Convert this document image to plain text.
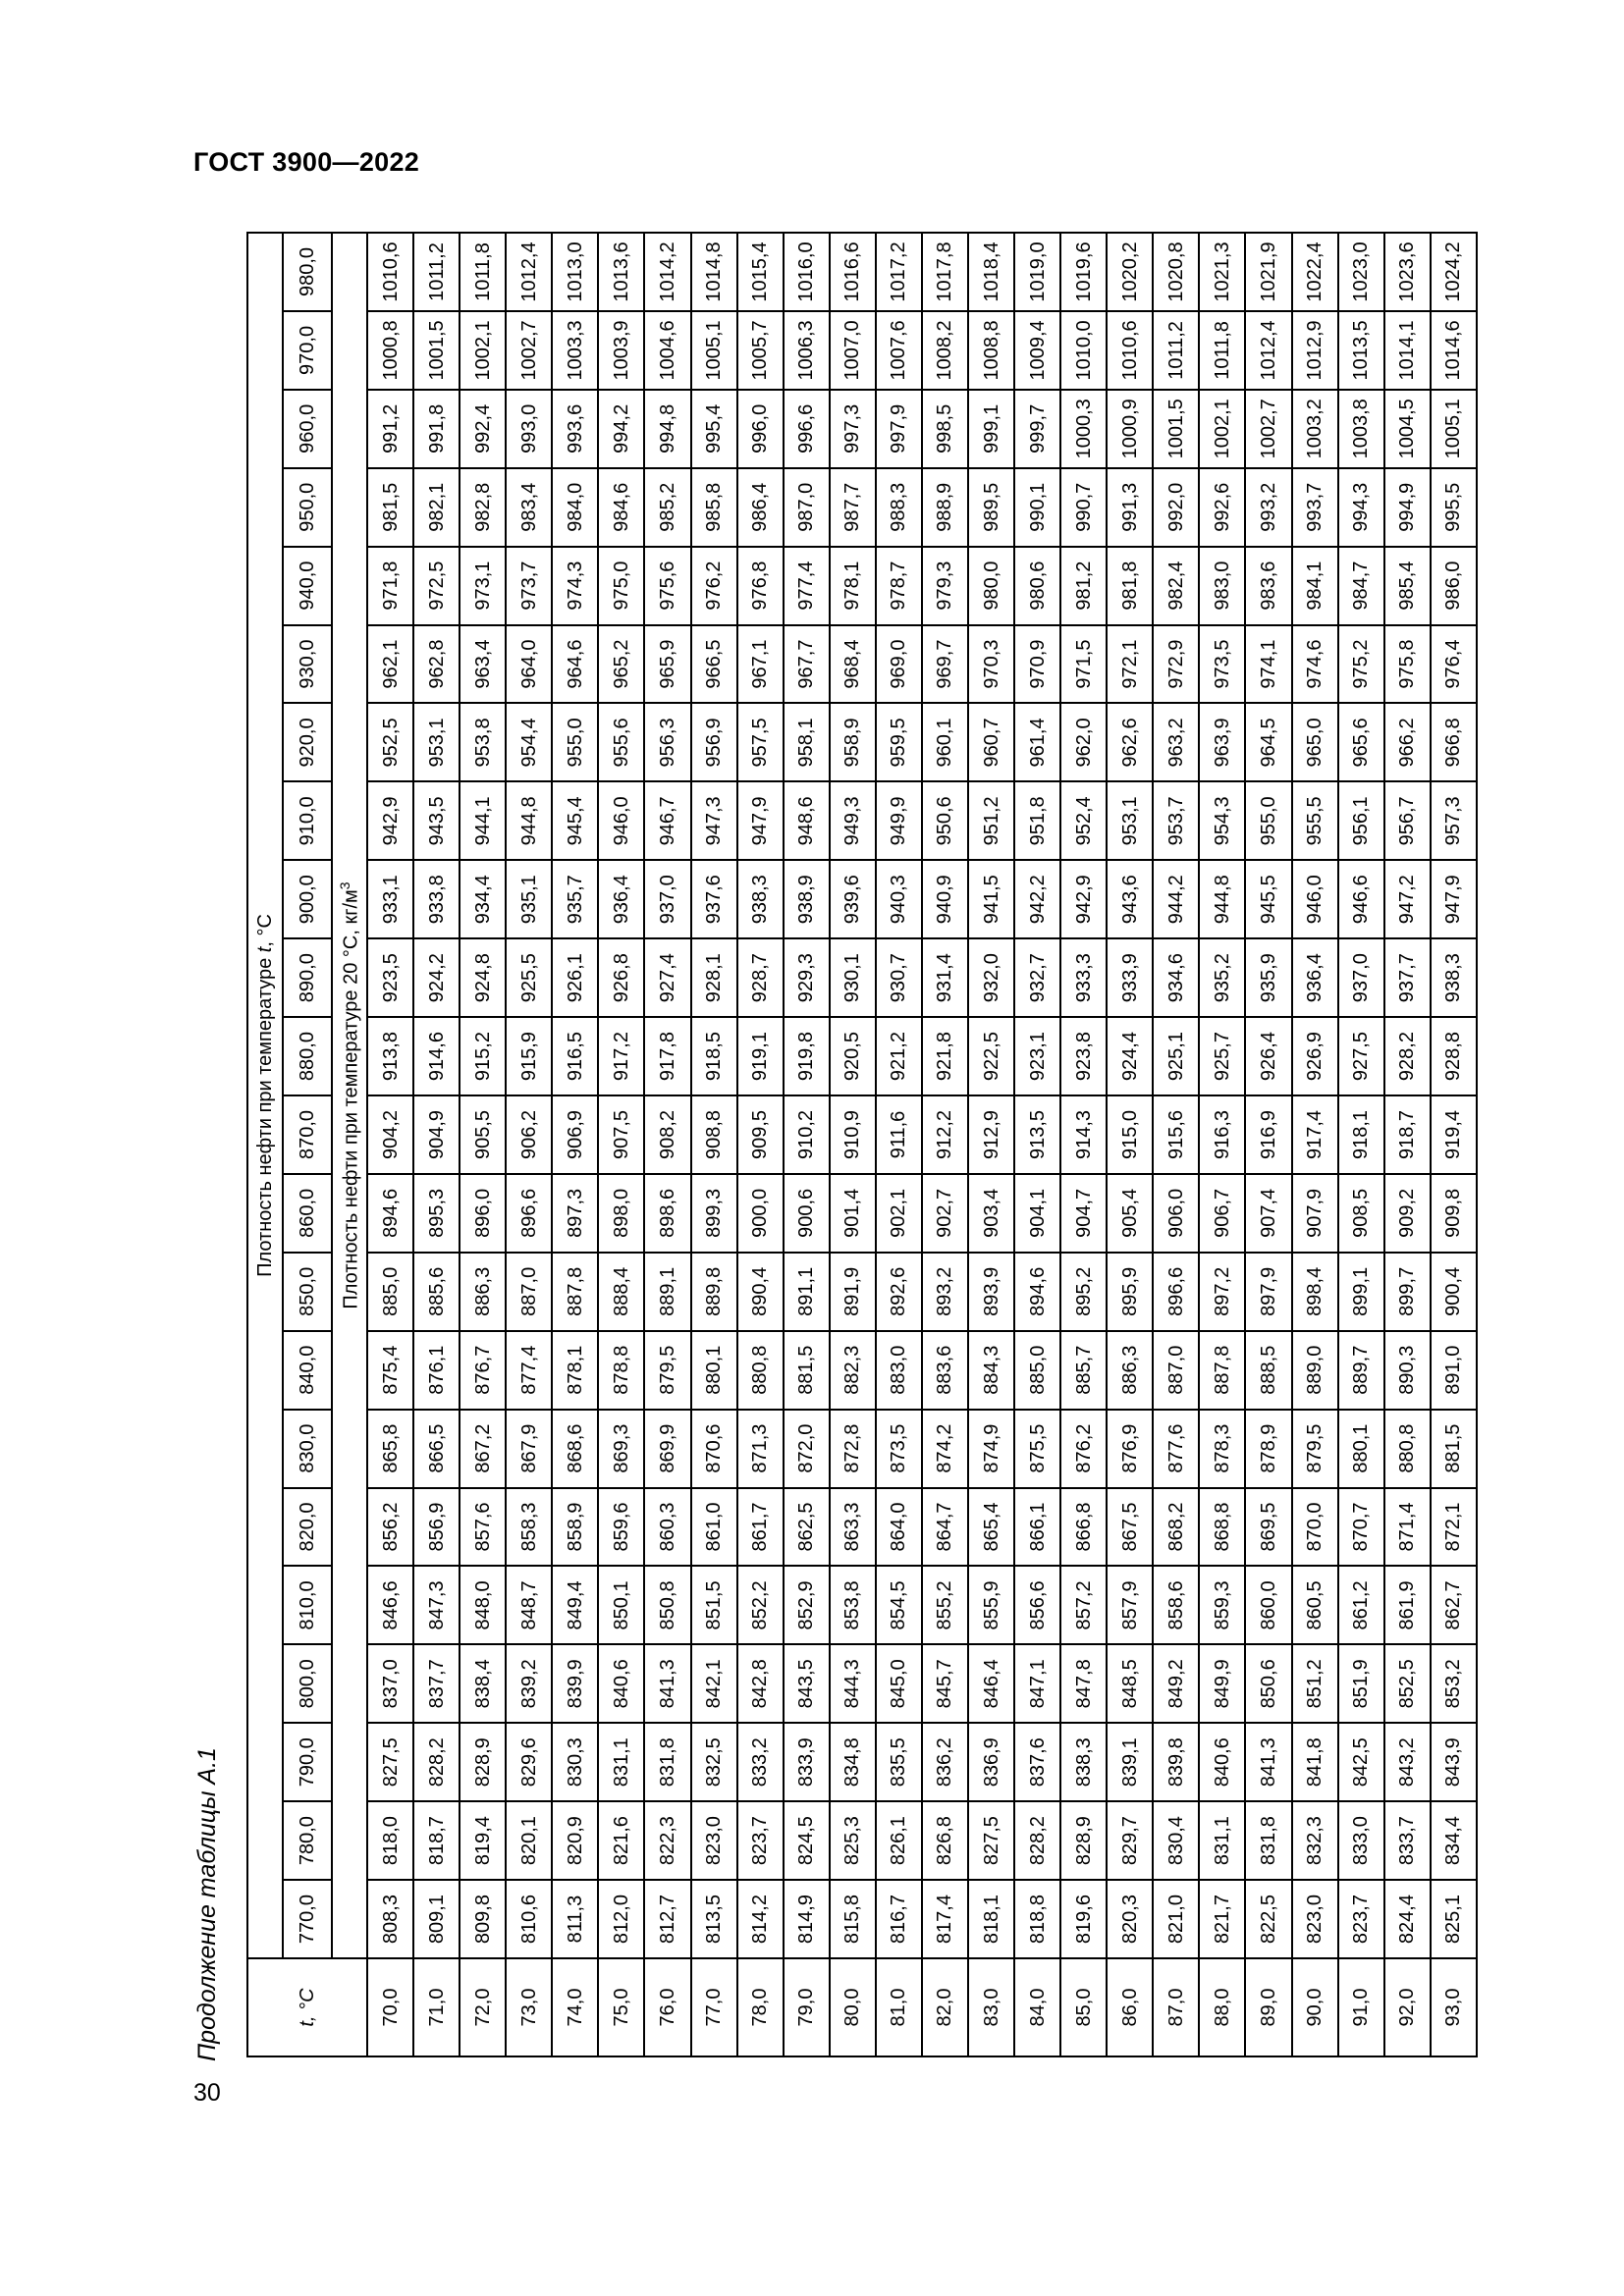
ГОСТ 3900—2022
Продолжение таблицы А.1
30
t, °C	Плотность нефти при температуре t, °C																					
	770,0	780,0	790,0	800,0	810,0	820,0	830,0	840,0	850,0	860,0	870,0	880,0	890,0	900,0	910,0	920,0	930,0	940,0	950,0	960,0	970,0	980,0
	Плотность нефти при температуре 20 °C, $кг/м^3$
70,0	808,3	818,0	827,5	837,0	846,6	856,2	865,8	875,4	885,0	894,6	904,2	913,8	923,5	933,1	942,9	952,5	962,1	971,8	981,5	991,2	1000,8	1010,6
71,0	809,1	818,7	828,2	837,7	847,3	856,9	866,5	876,1	885,6	895,3	904,9	914,6	924,2	933,8	943,5	953,1	962,8	972,5	982,1	991,8	1001,5	1011,2
72,0	809,8	819,4	828,9	838,4	848,0	857,6	867,2	876,7	886,3	896,0	905,5	915,2	924,8	934,4	944,1	953,8	963,4	973,1	982,8	992,4	1002,1	1011,8
73,0	810,6	820,1	829,6	839,2	848,7	858,3	867,9	877,4	887,0	896,6	906,2	915,9	925,5	935,1	944,8	954,4	964,0	973,7	983,4	993,0	1002,7	1012,4
74,0	811,3	820,9	830,3	839,9	849,4	858,9	868,6	878,1	887,8	897,3	906,9	916,5	926,1	935,7	945,4	955,0	964,6	974,3	984,0	993,6	1003,3	1013,0
75,0	812,0	821,6	831,1	840,6	850,1	859,6	869,3	878,8	888,4	898,0	907,5	917,2	926,8	936,4	946,0	955,6	965,2	975,0	984,6	994,2	1003,9	1013,6
76,0	812,7	822,3	831,8	841,3	850,8	860,3	869,9	879,5	889,1	898,6	908,2	917,8	927,4	937,0	946,7	956,3	965,9	975,6	985,2	994,8	1004,6	1014,2
77,0	813,5	823,0	832,5	842,1	851,5	861,0	870,6	880,1	889,8	899,3	908,8	918,5	928,1	937,6	947,3	956,9	966,5	976,2	985,8	995,4	1005,1	1014,8
78,0	814,2	823,7	833,2	842,8	852,2	861,7	871,3	880,8	890,4	900,0	909,5	919,1	928,7	938,3	947,9	957,5	967,1	976,8	986,4	996,0	1005,7	1015,4
79,0	814,9	824,5	833,9	843,5	852,9	862,5	872,0	881,5	891,1	900,6	910,2	919,8	929,3	938,9	948,6	958,1	967,7	977,4	987,0	996,6	1006,3	1016,0
80,0	815,8	825,3	834,8	844,3	853,8	863,3	872,8	882,3	891,9	901,4	910,9	920,5	930,1	939,6	949,3	958,9	968,4	978,1	987,7	997,3	1007,0	1016,6
81,0	816,7	826,1	835,5	845,0	854,5	864,0	873,5	883,0	892,6	902,1	911,6	921,2	930,7	940,3	949,9	959,5	969,0	978,7	988,3	997,9	1007,6	1017,2
82,0	817,4	826,8	836,2	845,7	855,2	864,7	874,2	883,6	893,2	902,7	912,2	921,8	931,4	940,9	950,6	960,1	969,7	979,3	988,9	998,5	1008,2	1017,8
83,0	818,1	827,5	836,9	846,4	855,9	865,4	874,9	884,3	893,9	903,4	912,9	922,5	932,0	941,5	951,2	960,7	970,3	980,0	989,5	999,1	1008,8	1018,4
84,0	818,8	828,2	837,6	847,1	856,6	866,1	875,5	885,0	894,6	904,1	913,5	923,1	932,7	942,2	951,8	961,4	970,9	980,6	990,1	999,7	1009,4	1019,0
85,0	819,6	828,9	838,3	847,8	857,2	866,8	876,2	885,7	895,2	904,7	914,3	923,8	933,3	942,9	952,4	962,0	971,5	981,2	990,7	1000,3	1010,0	1019,6
86,0	820,3	829,7	839,1	848,5	857,9	867,5	876,9	886,3	895,9	905,4	915,0	924,4	933,9	943,6	953,1	962,6	972,1	981,8	991,3	1000,9	1010,6	1020,2
87,0	821,0	830,4	839,8	849,2	858,6	868,2	877,6	887,0	896,6	906,0	915,6	925,1	934,6	944,2	953,7	963,2	972,9	982,4	992,0	1001,5	1011,2	1020,8
88,0	821,7	831,1	840,6	849,9	859,3	868,8	878,3	887,8	897,2	906,7	916,3	925,7	935,2	944,8	954,3	963,9	973,5	983,0	992,6	1002,1	1011,8	1021,3
89,0	822,5	831,8	841,3	850,6	860,0	869,5	878,9	888,5	897,9	907,4	916,9	926,4	935,9	945,5	955,0	964,5	974,1	983,6	993,2	1002,7	1012,4	1021,9
90,0	823,0	832,3	841,8	851,2	860,5	870,0	879,5	889,0	898,4	907,9	917,4	926,9	936,4	946,0	955,5	965,0	974,6	984,1	993,7	1003,2	1012,9	1022,4
91,0	823,7	833,0	842,5	851,9	861,2	870,7	880,1	889,7	899,1	908,5	918,1	927,5	937,0	946,6	956,1	965,6	975,2	984,7	994,3	1003,8	1013,5	1023,0
92,0	824,4	833,7	843,2	852,5	861,9	871,4	880,8	890,3	899,7	909,2	918,7	928,2	937,7	947,2	956,7	966,2	975,8	985,4	994,9	1004,5	1014,1	1023,6
93,0	825,1	834,4	843,9	853,2	862,7	872,1	881,5	891,0	900,4	909,8	919,4	928,8	938,3	947,9	957,3	966,8	976,4	986,0	995,5	1005,1	1014,6	1024,2
